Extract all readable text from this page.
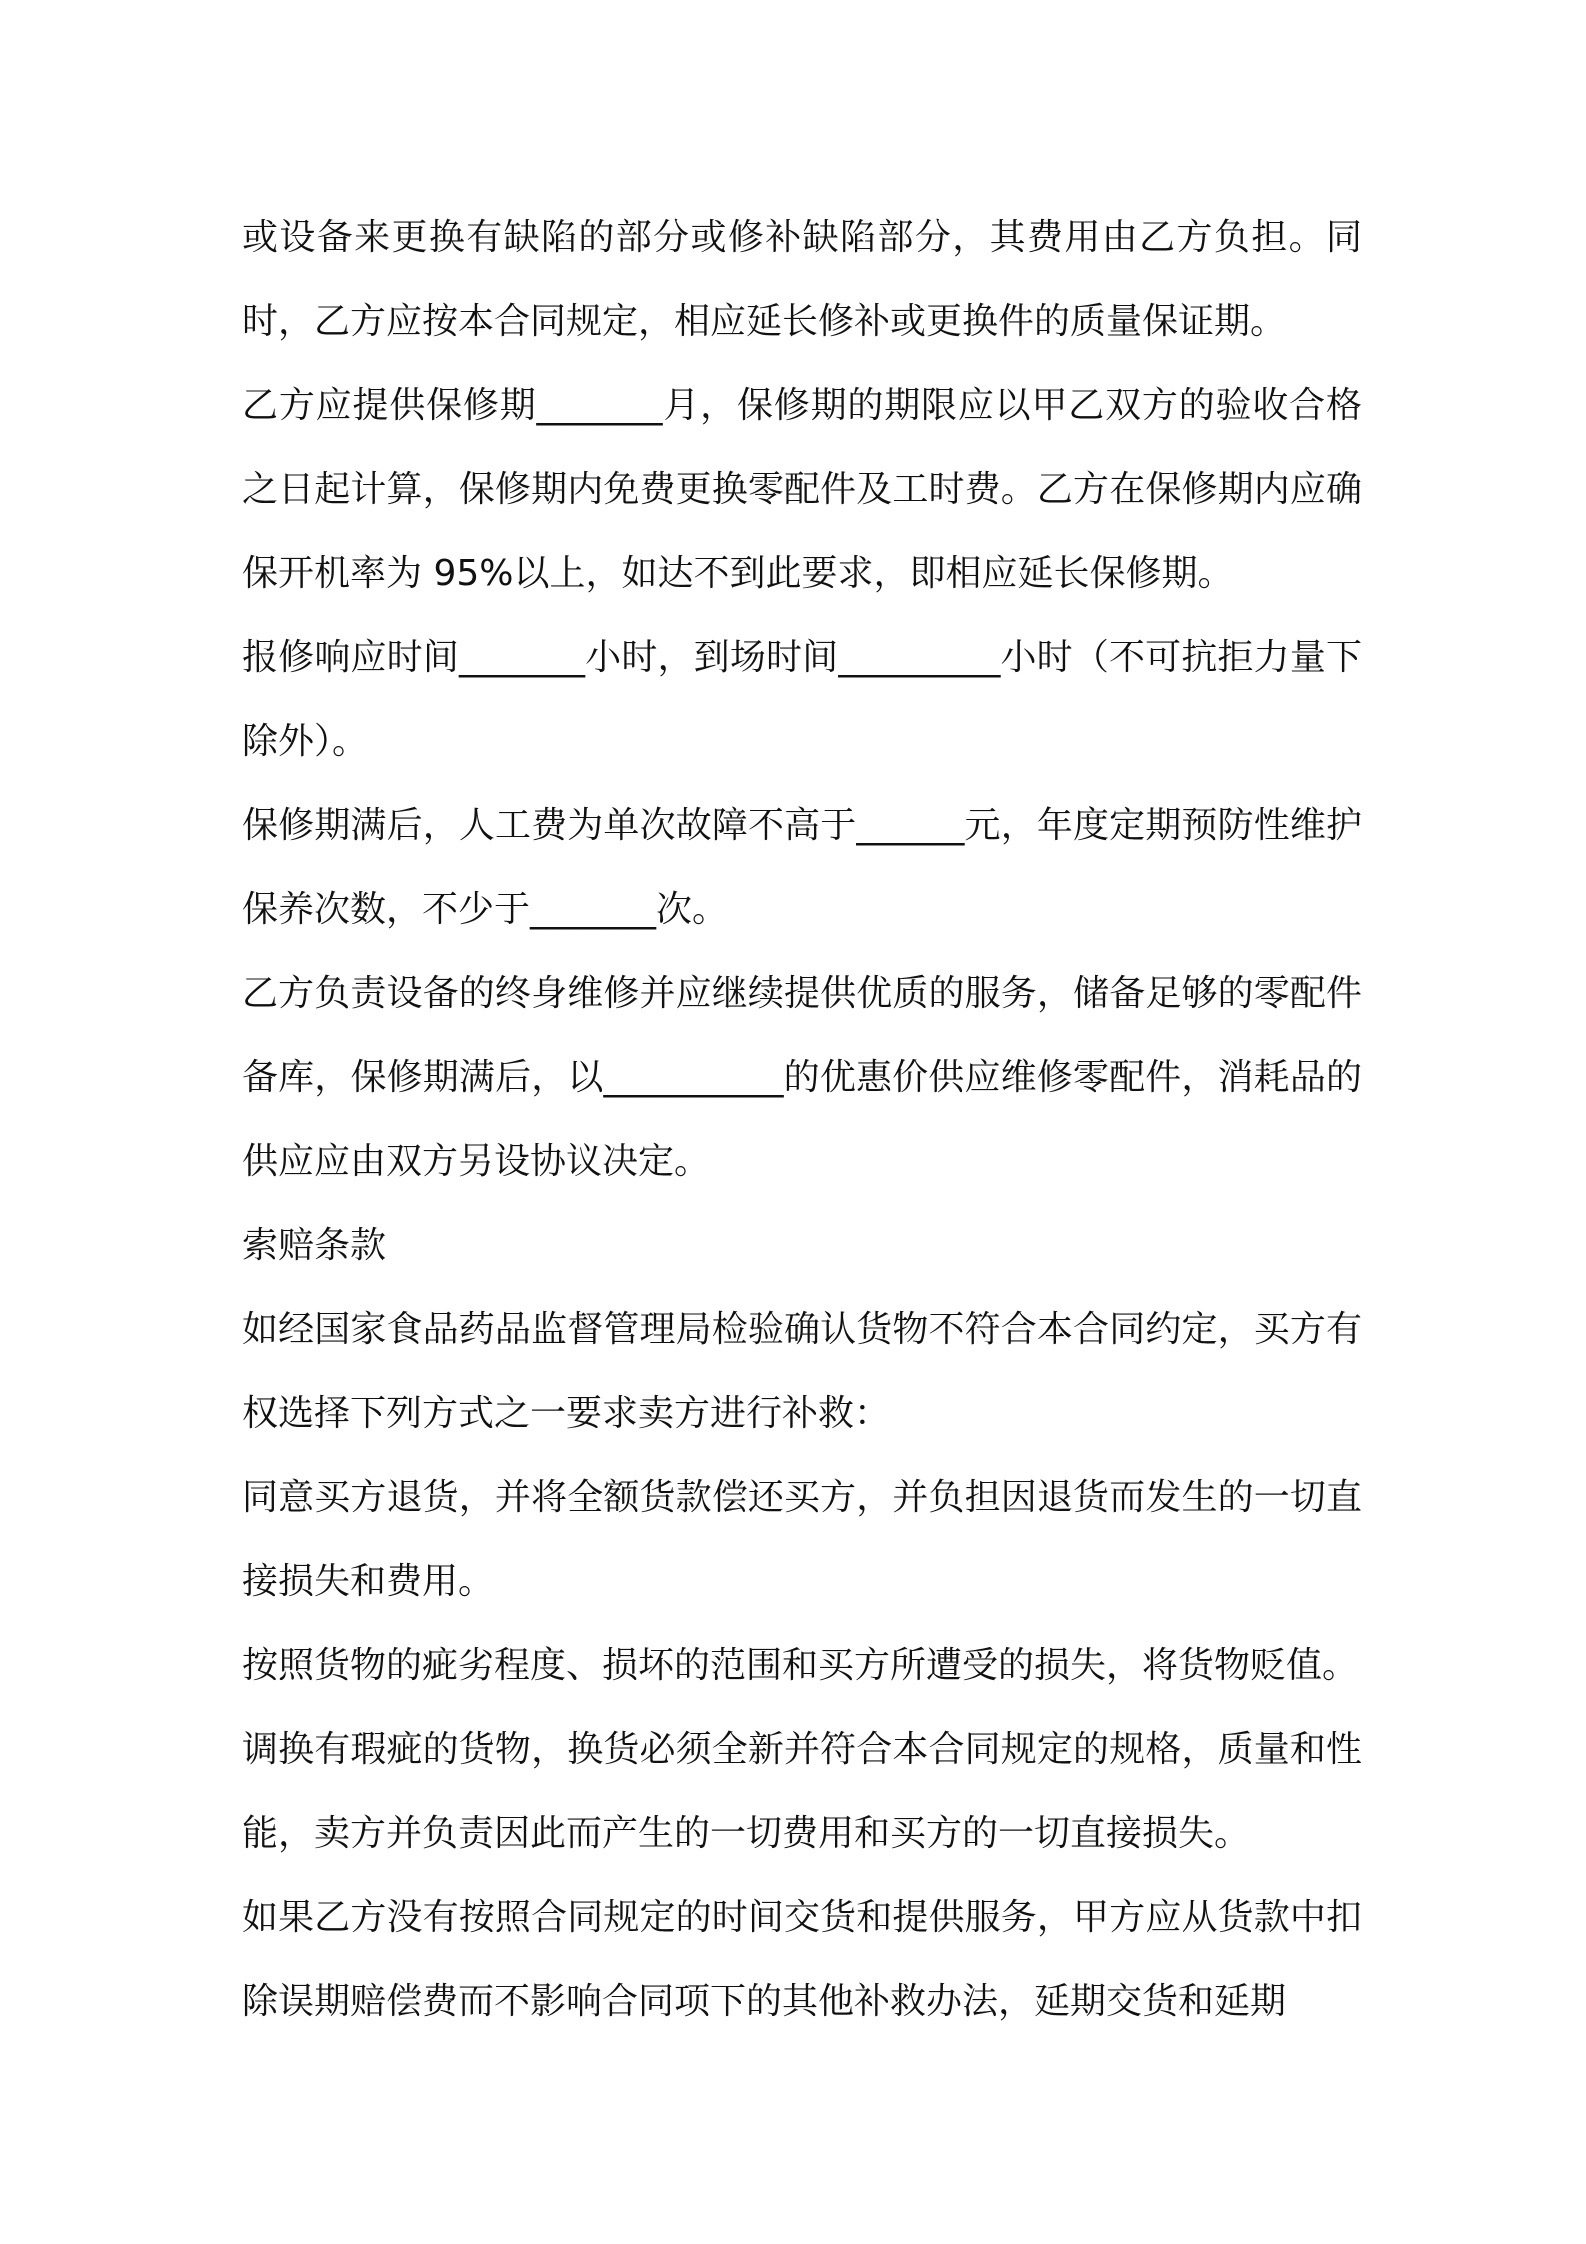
或设备来更换有缺陷的部分或修补缺陷部分，其费用由乙方负担。同时，乙方应按本合同规定，相应延长修补或更换件的质量保证期。

乙方应提供保修期_______月，保修期的期限应以甲乙双方的验收合格之日起计算，保修期内免费更换零配件及工时费。乙方在保修期内应确保开机率为 95%以上，如达不到此要求，即相应延长保修期。

报修响应时间_______小时，到场时间_________小时（不可抗拒力量下除外）。

保修期满后，人工费为单次故障不高于______元，年度定期预防性维护保养次数，不少于_______次。

乙方负责设备的终身维修并应继续提供优质的服务，储备足够的零配件备库，保修期满后，以__________的优惠价供应维修零配件，消耗品的供应应由双方另设协议决定。

索赔条款

如经国家食品药品监督管理局检验确认货物不符合本合同约定，买方有权选择下列方式之一要求卖方进行补救：

同意买方退货，并将全额货款偿还买方，并负担因退货而发生的一切直接损失和费用。

按照货物的疵劣程度、损坏的范围和买方所遭受的损失，将货物贬值。

调换有瑕疵的货物，换货必须全新并符合本合同规定的规格，质量和性能，卖方并负责因此而产生的一切费用和买方的一切直接损失。

如果乙方没有按照合同规定的时间交货和提供服务，甲方应从货款中扣除误期赔偿费而不影响合同项下的其他补救办法，延期交货和延期
